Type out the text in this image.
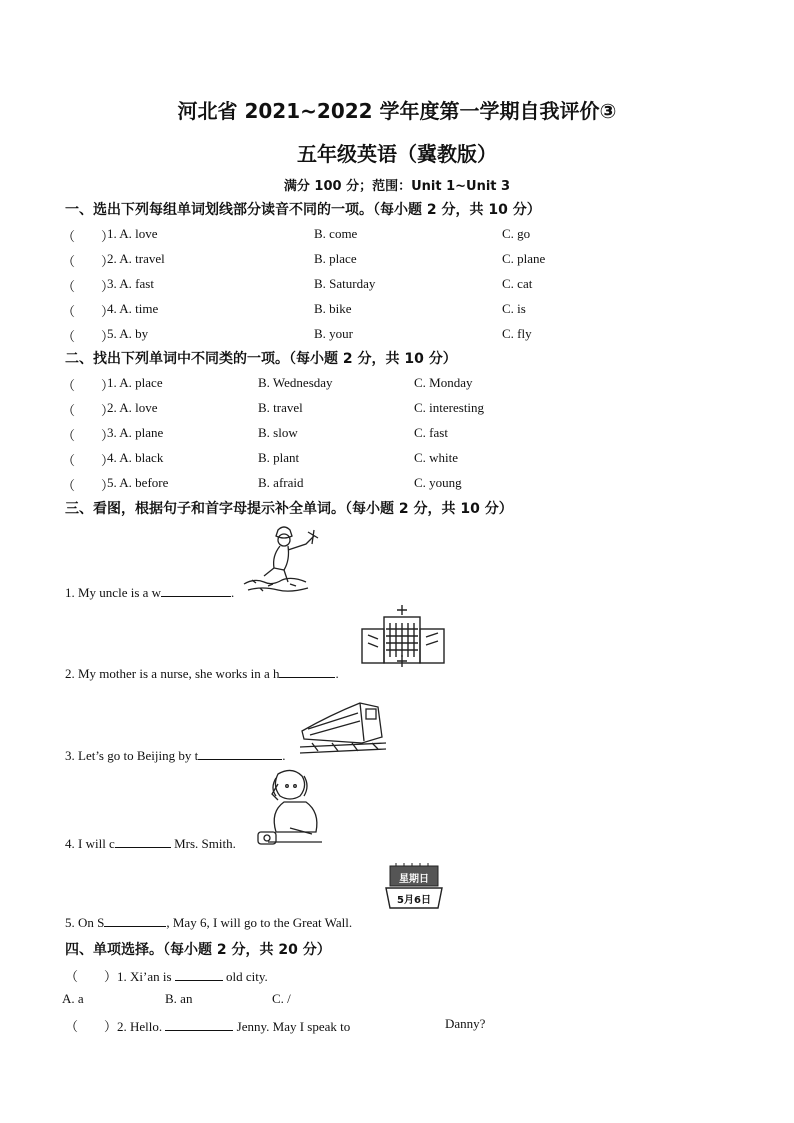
河北省 2021~2022 学年度第一学期自我评价③
五年级英语（冀教版）
满分 100 分；范围：Unit 1~Unit 3
一、选出下列每组单词划线部分读音不同的一项。（每小题 2 分，共 10 分）
（　　）
1. A. love	B. come	C. go
（　　）
2. A. travel	B. place	C. plane
（　　）
3. A. fast	B. Saturday	C. cat
（　　）
4. A. time	B. bike	C. is
（　　）
5. A. by	B. your	C. fly
二、找出下列单词中不同类的一项。（每小题 2 分，共 10 分）
（　　）
1. A. place	B. Wednesday	C. Monday
（　　）
2. A. love	B. travel	C. interesting
（　　）
3. A. plane	B. slow	C. fast
（　　）
4. A. black	B. plant	C. white
（　　）
5. A. before	B. afraid	C. young
三、看图，根据句子和首字母提示补全单词。（每小题 2 分，共 10 分）
1. My uncle is a w	.
2. My mother is a nurse, she works in a h	.
3. Let’s go to Beijing by t	.
4. I will c	Mrs. Smith.
5. On S	, May 6, I will go to the Great Wall.
星期日
5月6日
四、单项选择。（每小题 2 分，共 20 分）
（　　）1. Xi’an is	old city.
A. a	B. an	C. /
（　　）2. Hello.	Jenny. May I speak to	Danny?
